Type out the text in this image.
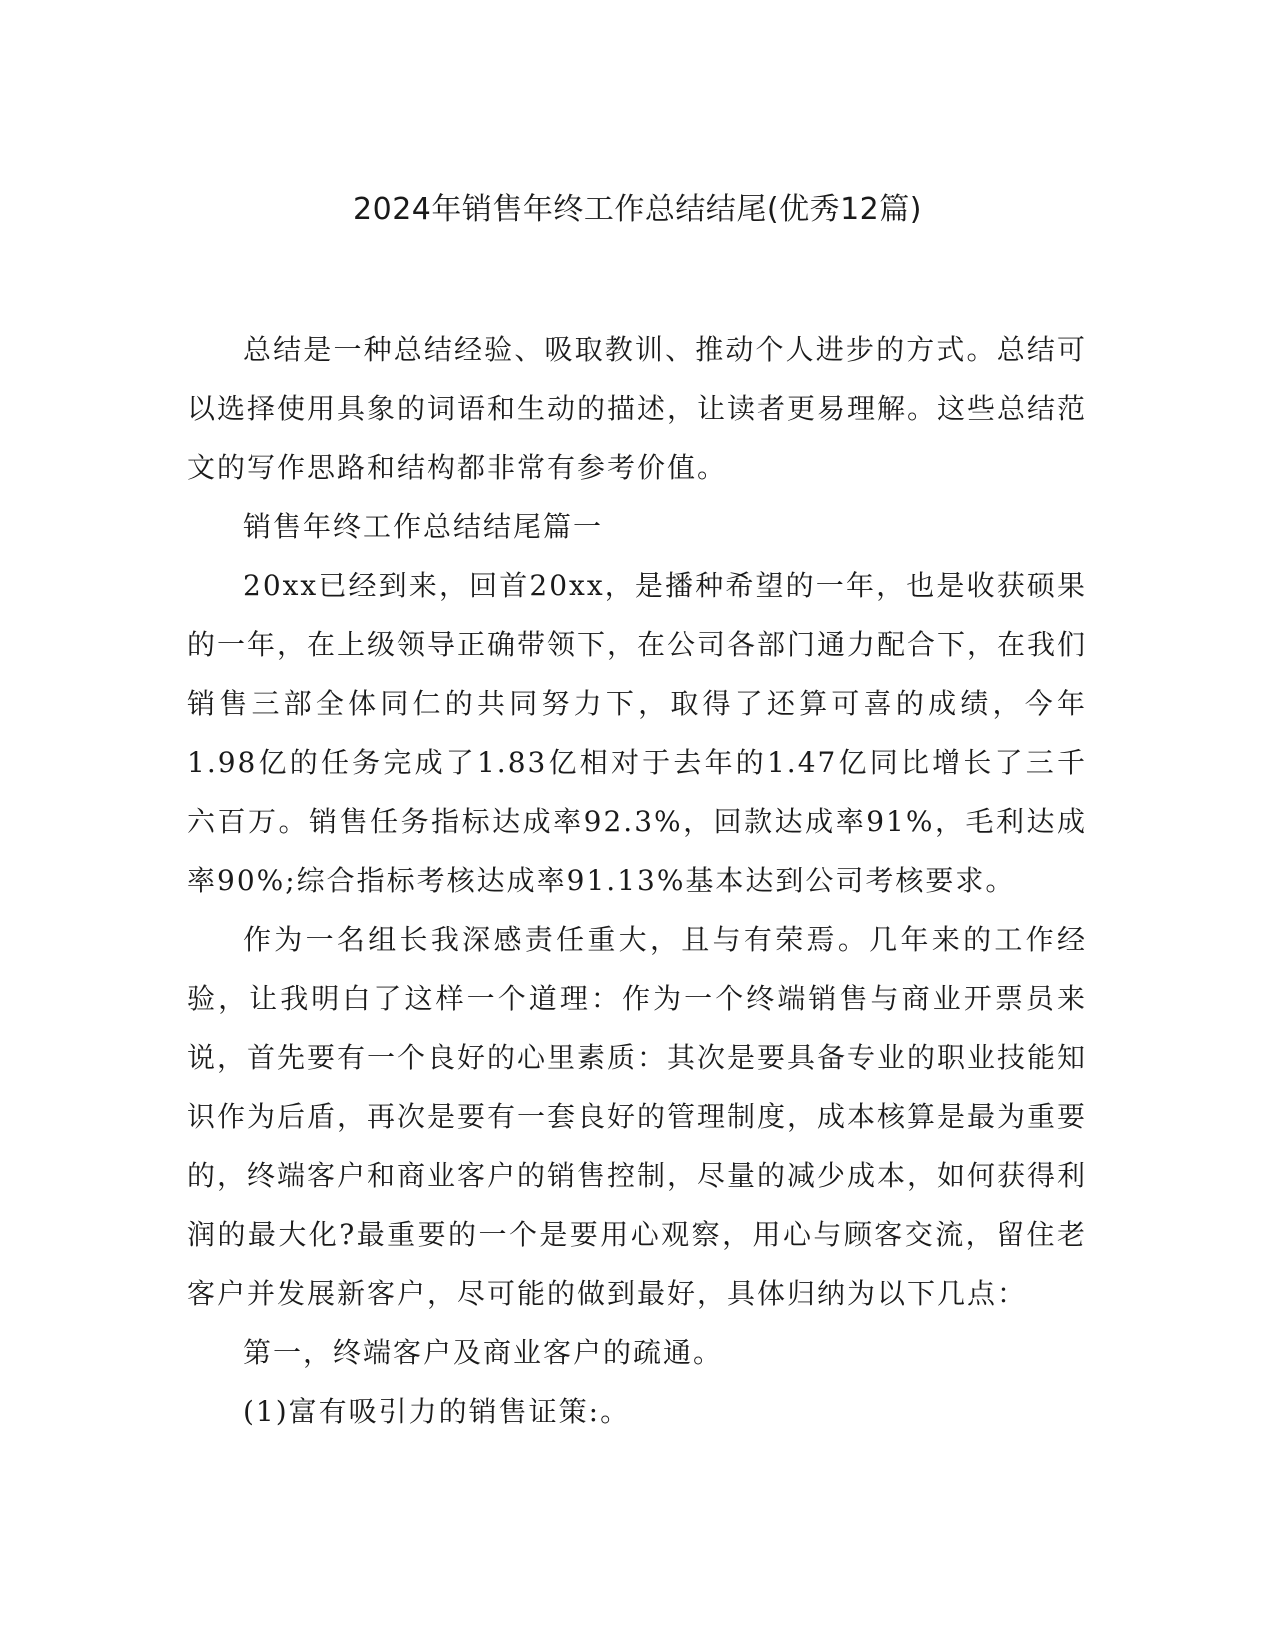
2024年销售年终工作总结结尾(优秀12篇)

总结是一种总结经验、吸取教训、推动个人进步的方式。总结可以选择使用具象的词语和生动的描述，让读者更易理解。这些总结范文的写作思路和结构都非常有参考价值。

销售年终工作总结结尾篇一

20xx已经到来，回首20xx，是播种希望的一年，也是收获硕果的一年，在上级领导正确带领下，在公司各部门通力配合下，在我们销售三部全体同仁的共同努力下，取得了还算可喜的成绩，今年1.98亿的任务完成了1.83亿相对于去年的1.47亿同比增长了三千六百万。销售任务指标达成率92.3%，回款达成率91%，毛利达成率90%;综合指标考核达成率91.13%基本达到公司考核要求。

作为一名组长我深感责任重大，且与有荣焉。几年来的工作经验，让我明白了这样一个道理：作为一个终端销售与商业开票员来说，首先要有一个良好的心里素质：其次是要具备专业的职业技能知识作为后盾，再次是要有一套良好的管理制度，成本核算是最为重要的，终端客户和商业客户的销售控制，尽量的减少成本，如何获得利润的最大化?最重要的一个是要用心观察，用心与顾客交流，留住老客户并发展新客户，尽可能的做到最好，具体归纳为以下几点：

第一，终端客户及商业客户的疏通。

(1)富有吸引力的销售证策:。
